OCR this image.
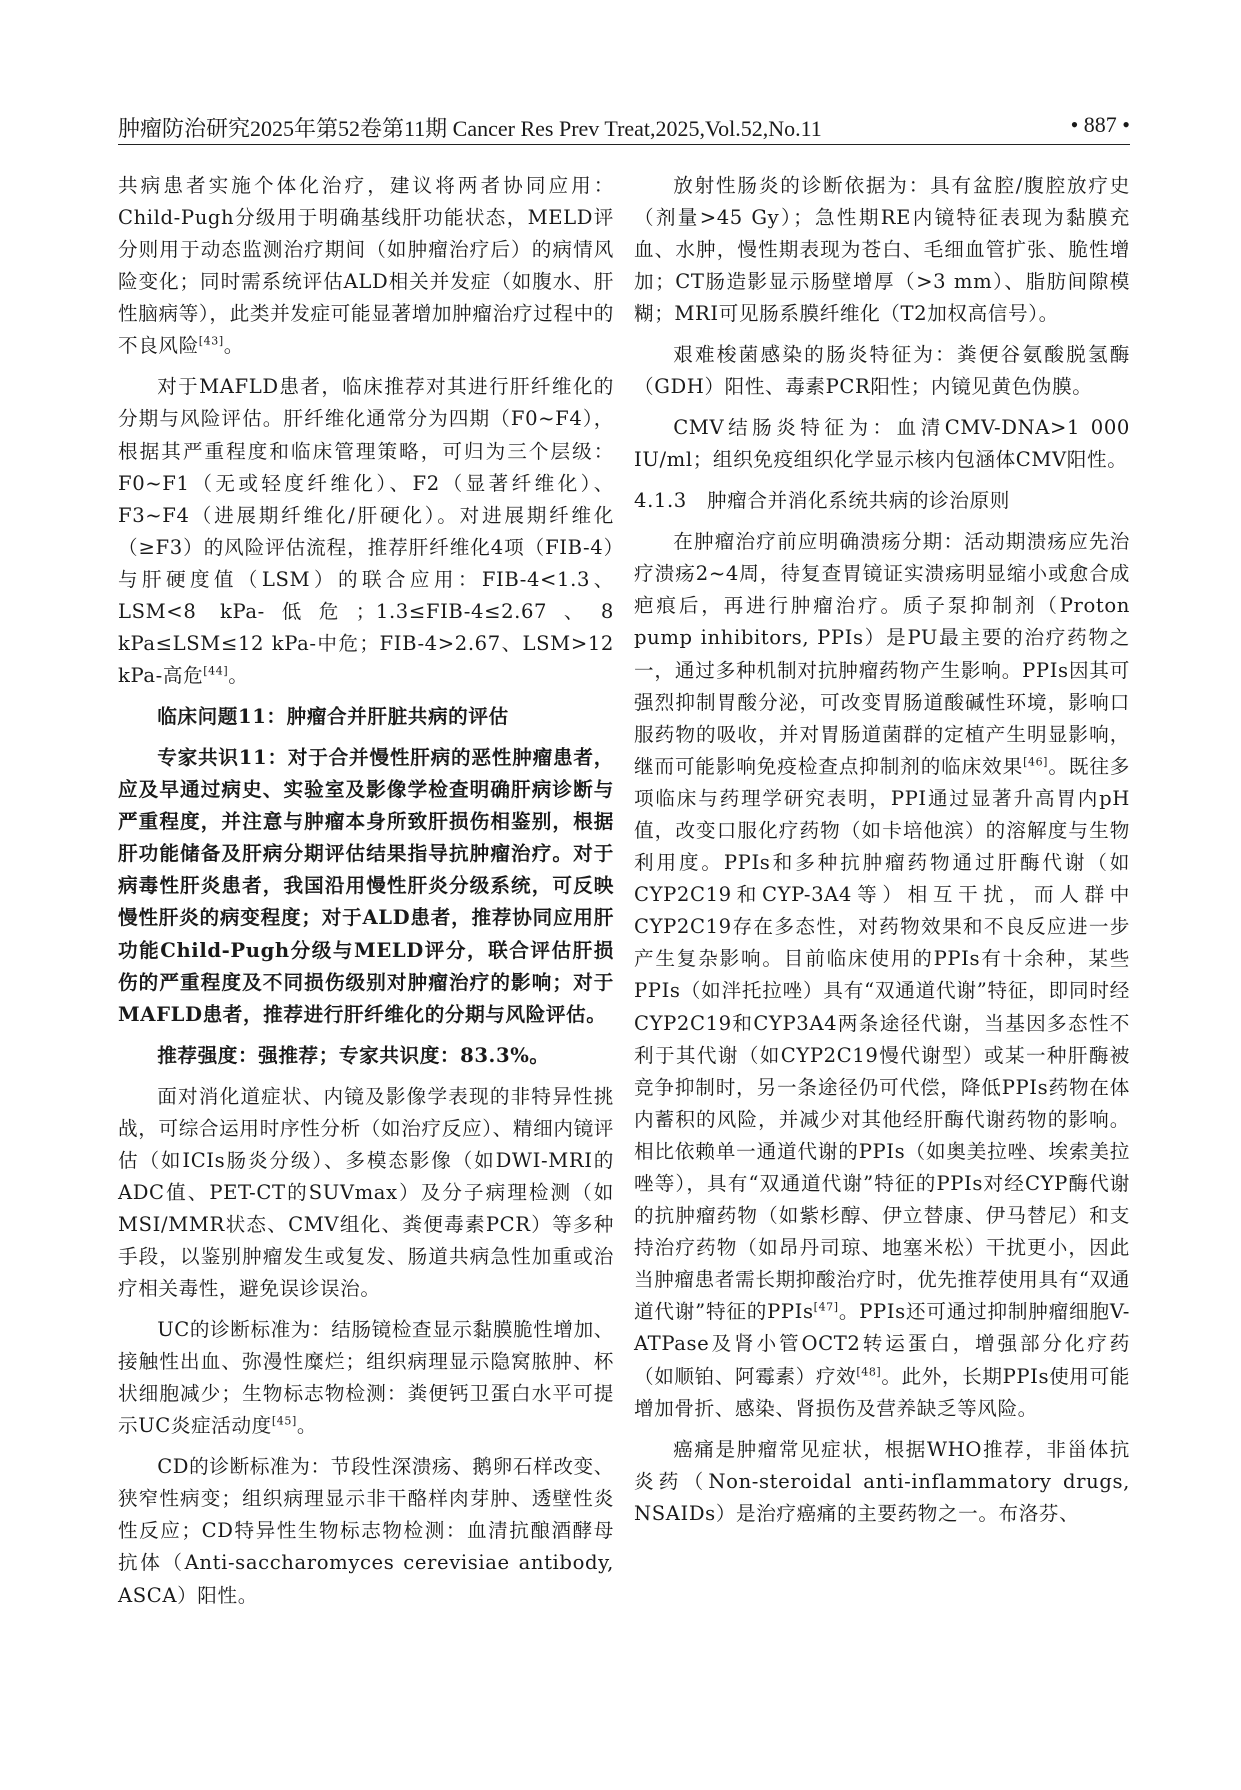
肿瘤防治研究2025年第52卷第11期 Cancer Res Prev Treat,2025,Vol.52,No.11	• 887 •

共病患者实施个体化治疗，建议将两者协同应用：Child-Pugh分级用于明确基线肝功能状态，MELD评分则用于动态监测治疗期间（如肿瘤治疗后）的病情风险变化；同时需系统评估ALD相关并发症（如腹水、肝性脑病等），此类并发症可能显著增加肿瘤治疗过程中的不良风险[43]。

对于MAFLD患者，临床推荐对其进行肝纤维化的分期与风险评估。肝纤维化通常分为四期（F0~F4），根据其严重程度和临床管理策略，可归为三个层级：F0~F1（无或轻度纤维化）、F2（显著纤维化）、F3~F4（进展期纤维化/肝硬化）。对进展期纤维化（≥F3）的风险评估流程，推荐肝纤维化4项（FIB-4）与肝硬度值（LSM）的联合应用：FIB-4<1.3、LSM<8 kPa-低危；1.3≤FIB-4≤2.67、8 kPa≤LSM≤12 kPa-中危；FIB-4>2.67、LSM>12 kPa-高危[44]。

临床问题11：肿瘤合并肝脏共病的评估

专家共识11：对于合并慢性肝病的恶性肿瘤患者，应及早通过病史、实验室及影像学检查明确肝病诊断与严重程度，并注意与肿瘤本身所致肝损伤相鉴别，根据肝功能储备及肝病分期评估结果指导抗肿瘤治疗。对于病毒性肝炎患者，我国沿用慢性肝炎分级系统，可反映慢性肝炎的病变程度；对于ALD患者，推荐协同应用肝功能Child-Pugh分级与MELD评分，联合评估肝损伤的严重程度及不同损伤级别对肿瘤治疗的影响；对于MAFLD患者，推荐进行肝纤维化的分期与风险评估。

推荐强度：强推荐；专家共识度：83.3%。

面对消化道症状、内镜及影像学表现的非特异性挑战，可综合运用时序性分析（如治疗反应）、精细内镜评估（如ICIs肠炎分级）、多模态影像（如DWI-MRI的ADC值、PET-CT的SUVmax）及分子病理检测（如MSI/MMR状态、CMV组化、粪便毒素PCR）等多种手段，以鉴别肿瘤发生或复发、肠道共病急性加重或治疗相关毒性，避免误诊误治。

UC的诊断标准为：结肠镜检查显示黏膜脆性增加、接触性出血、弥漫性糜烂；组织病理显示隐窝脓肿、杯状细胞减少；生物标志物检测：粪便钙卫蛋白水平可提示UC炎症活动度[45]。

CD的诊断标准为：节段性深溃疡、鹅卵石样改变、狭窄性病变；组织病理显示非干酪样肉芽肿、透壁性炎性反应；CD特异性生物标志物检测：血清抗酿酒酵母抗体（Anti-saccharomyces cerevisiae antibody, ASCA）阳性。

放射性肠炎的诊断依据为：具有盆腔/腹腔放疗史（剂量>45 Gy）；急性期RE内镜特征表现为黏膜充血、水肿，慢性期表现为苍白、毛细血管扩张、脆性增加；CT肠造影显示肠壁增厚（>3 mm）、脂肪间隙模糊；MRI可见肠系膜纤维化（T2加权高信号）。

艰难梭菌感染的肠炎特征为：粪便谷氨酸脱氢酶（GDH）阳性、毒素PCR阳性；内镜见黄色伪膜。

CMV结肠炎特征为：血清CMV-DNA>1 000 IU/ml；组织免疫组织化学显示核内包涵体CMV阳性。

4.1.3　肿瘤合并消化系统共病的诊治原则

在肿瘤治疗前应明确溃疡分期：活动期溃疡应先治疗溃疡2~4周，待复查胃镜证实溃疡明显缩小或愈合成疤痕后，再进行肿瘤治疗。质子泵抑制剂（Proton pump inhibitors, PPIs）是PU最主要的治疗药物之一，通过多种机制对抗肿瘤药物产生影响。PPIs因其可强烈抑制胃酸分泌，可改变胃肠道酸碱性环境，影响口服药物的吸收，并对胃肠道菌群的定植产生明显影响，继而可能影响免疫检查点抑制剂的临床效果[46]。既往多项临床与药理学研究表明，PPI通过显著升高胃内pH值，改变口服化疗药物（如卡培他滨）的溶解度与生物利用度。PPIs和多种抗肿瘤药物通过肝酶代谢（如CYP2C19和CYP-3A4等）相互干扰，而人群中CYP2C19存在多态性，对药物效果和不良反应进一步产生复杂影响。目前临床使用的PPIs有十余种，某些PPIs（如泮托拉唑）具有“双通道代谢”特征，即同时经CYP2C19和CYP3A4两条途径代谢，当基因多态性不利于其代谢（如CYP2C19慢代谢型）或某一种肝酶被竞争抑制时，另一条途径仍可代偿，降低PPIs药物在体内蓄积的风险，并减少对其他经肝酶代谢药物的影响。相比依赖单一通道代谢的PPIs（如奥美拉唑、埃索美拉唑等），具有“双通道代谢”特征的PPIs对经CYP酶代谢的抗肿瘤药物（如紫杉醇、伊立替康、伊马替尼）和支持治疗药物（如昂丹司琼、地塞米松）干扰更小，因此当肿瘤患者需长期抑酸治疗时，优先推荐使用具有“双通道代谢”特征的PPIs[47]。PPIs还可通过抑制肿瘤细胞V-ATPase及肾小管OCT2转运蛋白，增强部分化疗药（如顺铂、阿霉素）疗效[48]。此外，长期PPIs使用可能增加骨折、感染、肾损伤及营养缺乏等风险。

癌痛是肿瘤常见症状，根据WHO推荐，非甾体抗炎药（Non-steroidal anti-inflammatory drugs, NSAIDs）是治疗癌痛的主要药物之一。布洛芬、
